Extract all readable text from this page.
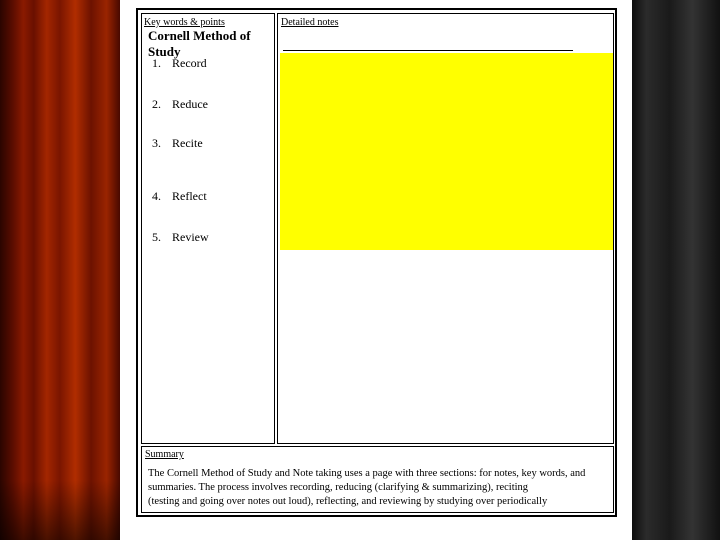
Key words & points
Cornell Method of Study
1. Record
2. Reduce
3. Recite
4. Reflect
5. Review
Detailed notes
Summary
The Cornell Method of Study and Note taking uses a page with three sections: for notes, key words, and
summaries. The process involves recording, reducing (clarifying & summarizing), reciting
(testing and going over notes out loud), reflecting, and reviewing by studying over periodically
